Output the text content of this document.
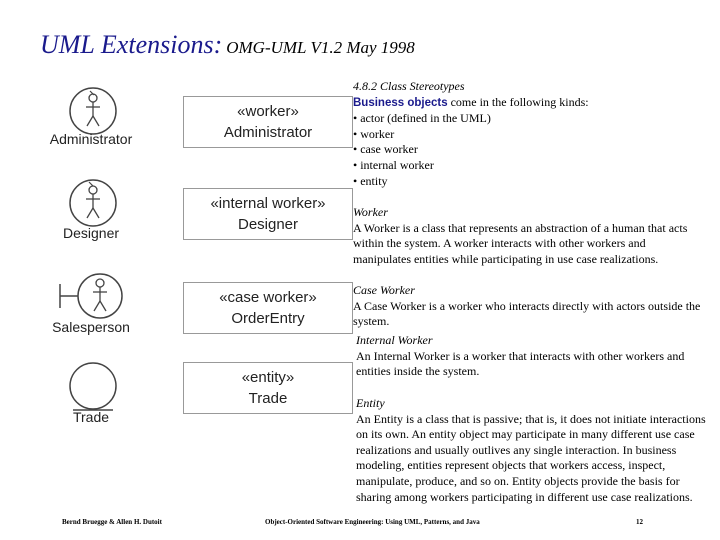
UML Extensions: OMG-UML V1.2 May 1998
Administrator
Designer
Salesperson
Trade
«worker»
Administrator
«internal worker»
Designer
«case worker»
OrderEntry
«entity»
Trade
4.8.2 Class Stereotypes
Business objects come in the following kinds:
• actor (defined in the UML)
• worker
• case worker
• internal worker
• entity
Worker
A Worker is a class that represents an abstraction of a human that acts within the system. A worker interacts with other workers and manipulates entities while participating in use case realizations.
Case Worker
A Case Worker is a worker who interacts directly with actors outside the system.
Internal Worker
An Internal Worker is a worker that interacts with other workers and entities inside the system.
Entity
An Entity is a class that is passive; that is, it does not initiate interactions on its own. An entity object may participate in many different use case realizations and usually outlives any single interaction. In business modeling, entities represent objects that workers access, inspect, manipulate, produce, and so on. Entity objects provide the basis for sharing among workers participating in different use case realizations.
Bernd Bruegge & Allen H. Dutoit	Object-Oriented Software Engineering: Using UML, Patterns, and Java	12
